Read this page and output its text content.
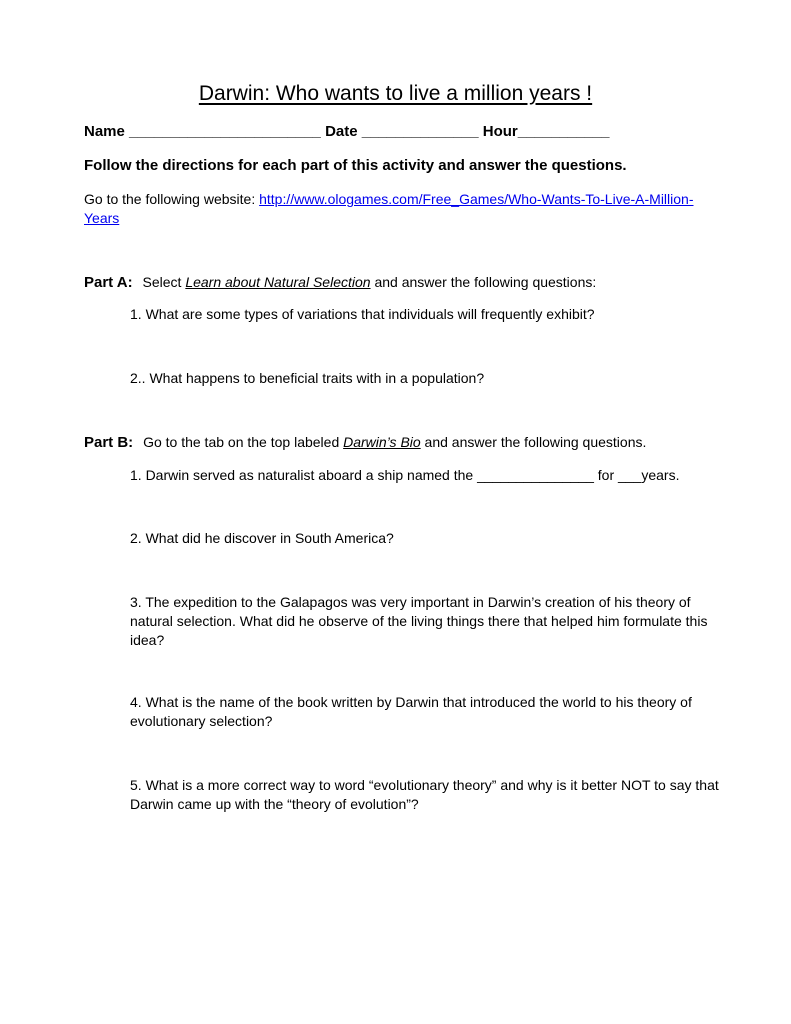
Darwin: Who wants to live a million years !
Name _______________________ Date ______________ Hour___________
Follow the directions for each part of this activity and answer the questions.
Go to the following website: http://www.ologames.com/Free_Games/Who-Wants-To-Live-A-Million-
Years
Part A: Select Learn about Natural Selection and answer the following questions:
1. What are some types of variations that individuals will frequently exhibit?
2.. What happens to beneficial traits with in a population?
Part B: Go to the tab on the top labeled Darwin’s Bio and answer the following questions.
1. Darwin served as naturalist aboard a ship named the _______________ for ___years.
2. What did he discover in South America?
3. The expedition to the Galapagos was very important in Darwin’s creation of his theory of natural selection. What did he observe of the living things there that helped him formulate this idea?
4. What is the name of the book written by Darwin that introduced the world to his theory of evolutionary selection?
5. What is a more correct way to word “evolutionary theory” and why is it better NOT to say that Darwin came up with the “theory of evolution”?
